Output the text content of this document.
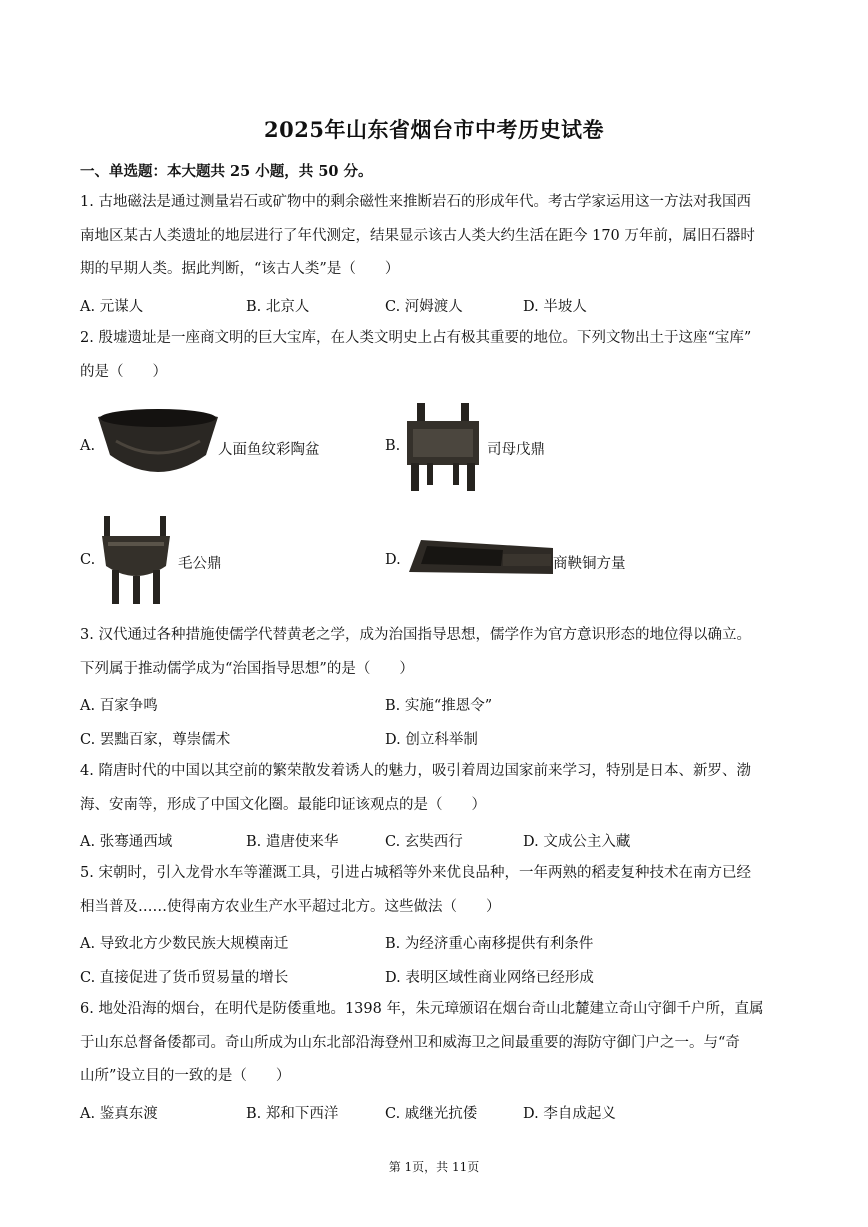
2025年山东省烟台市中考历史试卷
一、单选题：本大题共 25 小题，共 50 分。
1. 古地磁法是通过测量岩石或矿物中的剩余磁性来推断岩石的形成年代。考古学家运用这一方法对我国西
南地区某古人类遗址的地层进行了年代测定，结果显示该古人类大约生活在距今 170 万年前，属旧石器时
期的早期人类。据此判断，“该古人类”是（　　）
A. 元谋人	B. 北京人	C. 河姆渡人	D. 半坡人
2. 殷墟遗址是一座商文明的巨大宝库，在人类文明史上占有极其重要的地位。下列文物出土于这座“宝库”
的是（　　）
A.	人面鱼纹彩陶盆	B.	司母戊鼎
C.	毛公鼎	D.	商鞅铜方量
3. 汉代通过各种措施使儒学代替黄老之学，成为治国指导思想，儒学作为官方意识形态的地位得以确立。
下列属于推动儒学成为“治国指导思想”的是（　　）
A. 百家争鸣	B. 实施“推恩令”
C. 罢黜百家，尊崇儒术	D. 创立科举制
4. 隋唐时代的中国以其空前的繁荣散发着诱人的魅力，吸引着周边国家前来学习，特别是日本、新罗、渤
海、安南等，形成了中国文化圈。最能印证该观点的是（　　）
A. 张骞通西域	B. 遣唐使来华	C. 玄奘西行	D. 文成公主入藏
5. 宋朝时，引入龙骨水车等灌溉工具，引进占城稻等外来优良品种，一年两熟的稻麦复种技术在南方已经
相当普及……使得南方农业生产水平超过北方。这些做法（　　）
A. 导致北方少数民族大规模南迁	B. 为经济重心南移提供有利条件
C. 直接促进了货币贸易量的增长	D. 表明区域性商业网络已经形成
6. 地处沿海的烟台，在明代是防倭重地。1398 年，朱元璋颁诏在烟台奇山北麓建立奇山守御千户所，直属
于山东总督备倭都司。奇山所成为山东北部沿海登州卫和威海卫之间最重要的海防守御门户之一。与“奇
山所”设立目的一致的是（　　）
A. 鉴真东渡	B. 郑和下西洋	C. 戚继光抗倭	D. 李自成起义
第 1页，共 11页
